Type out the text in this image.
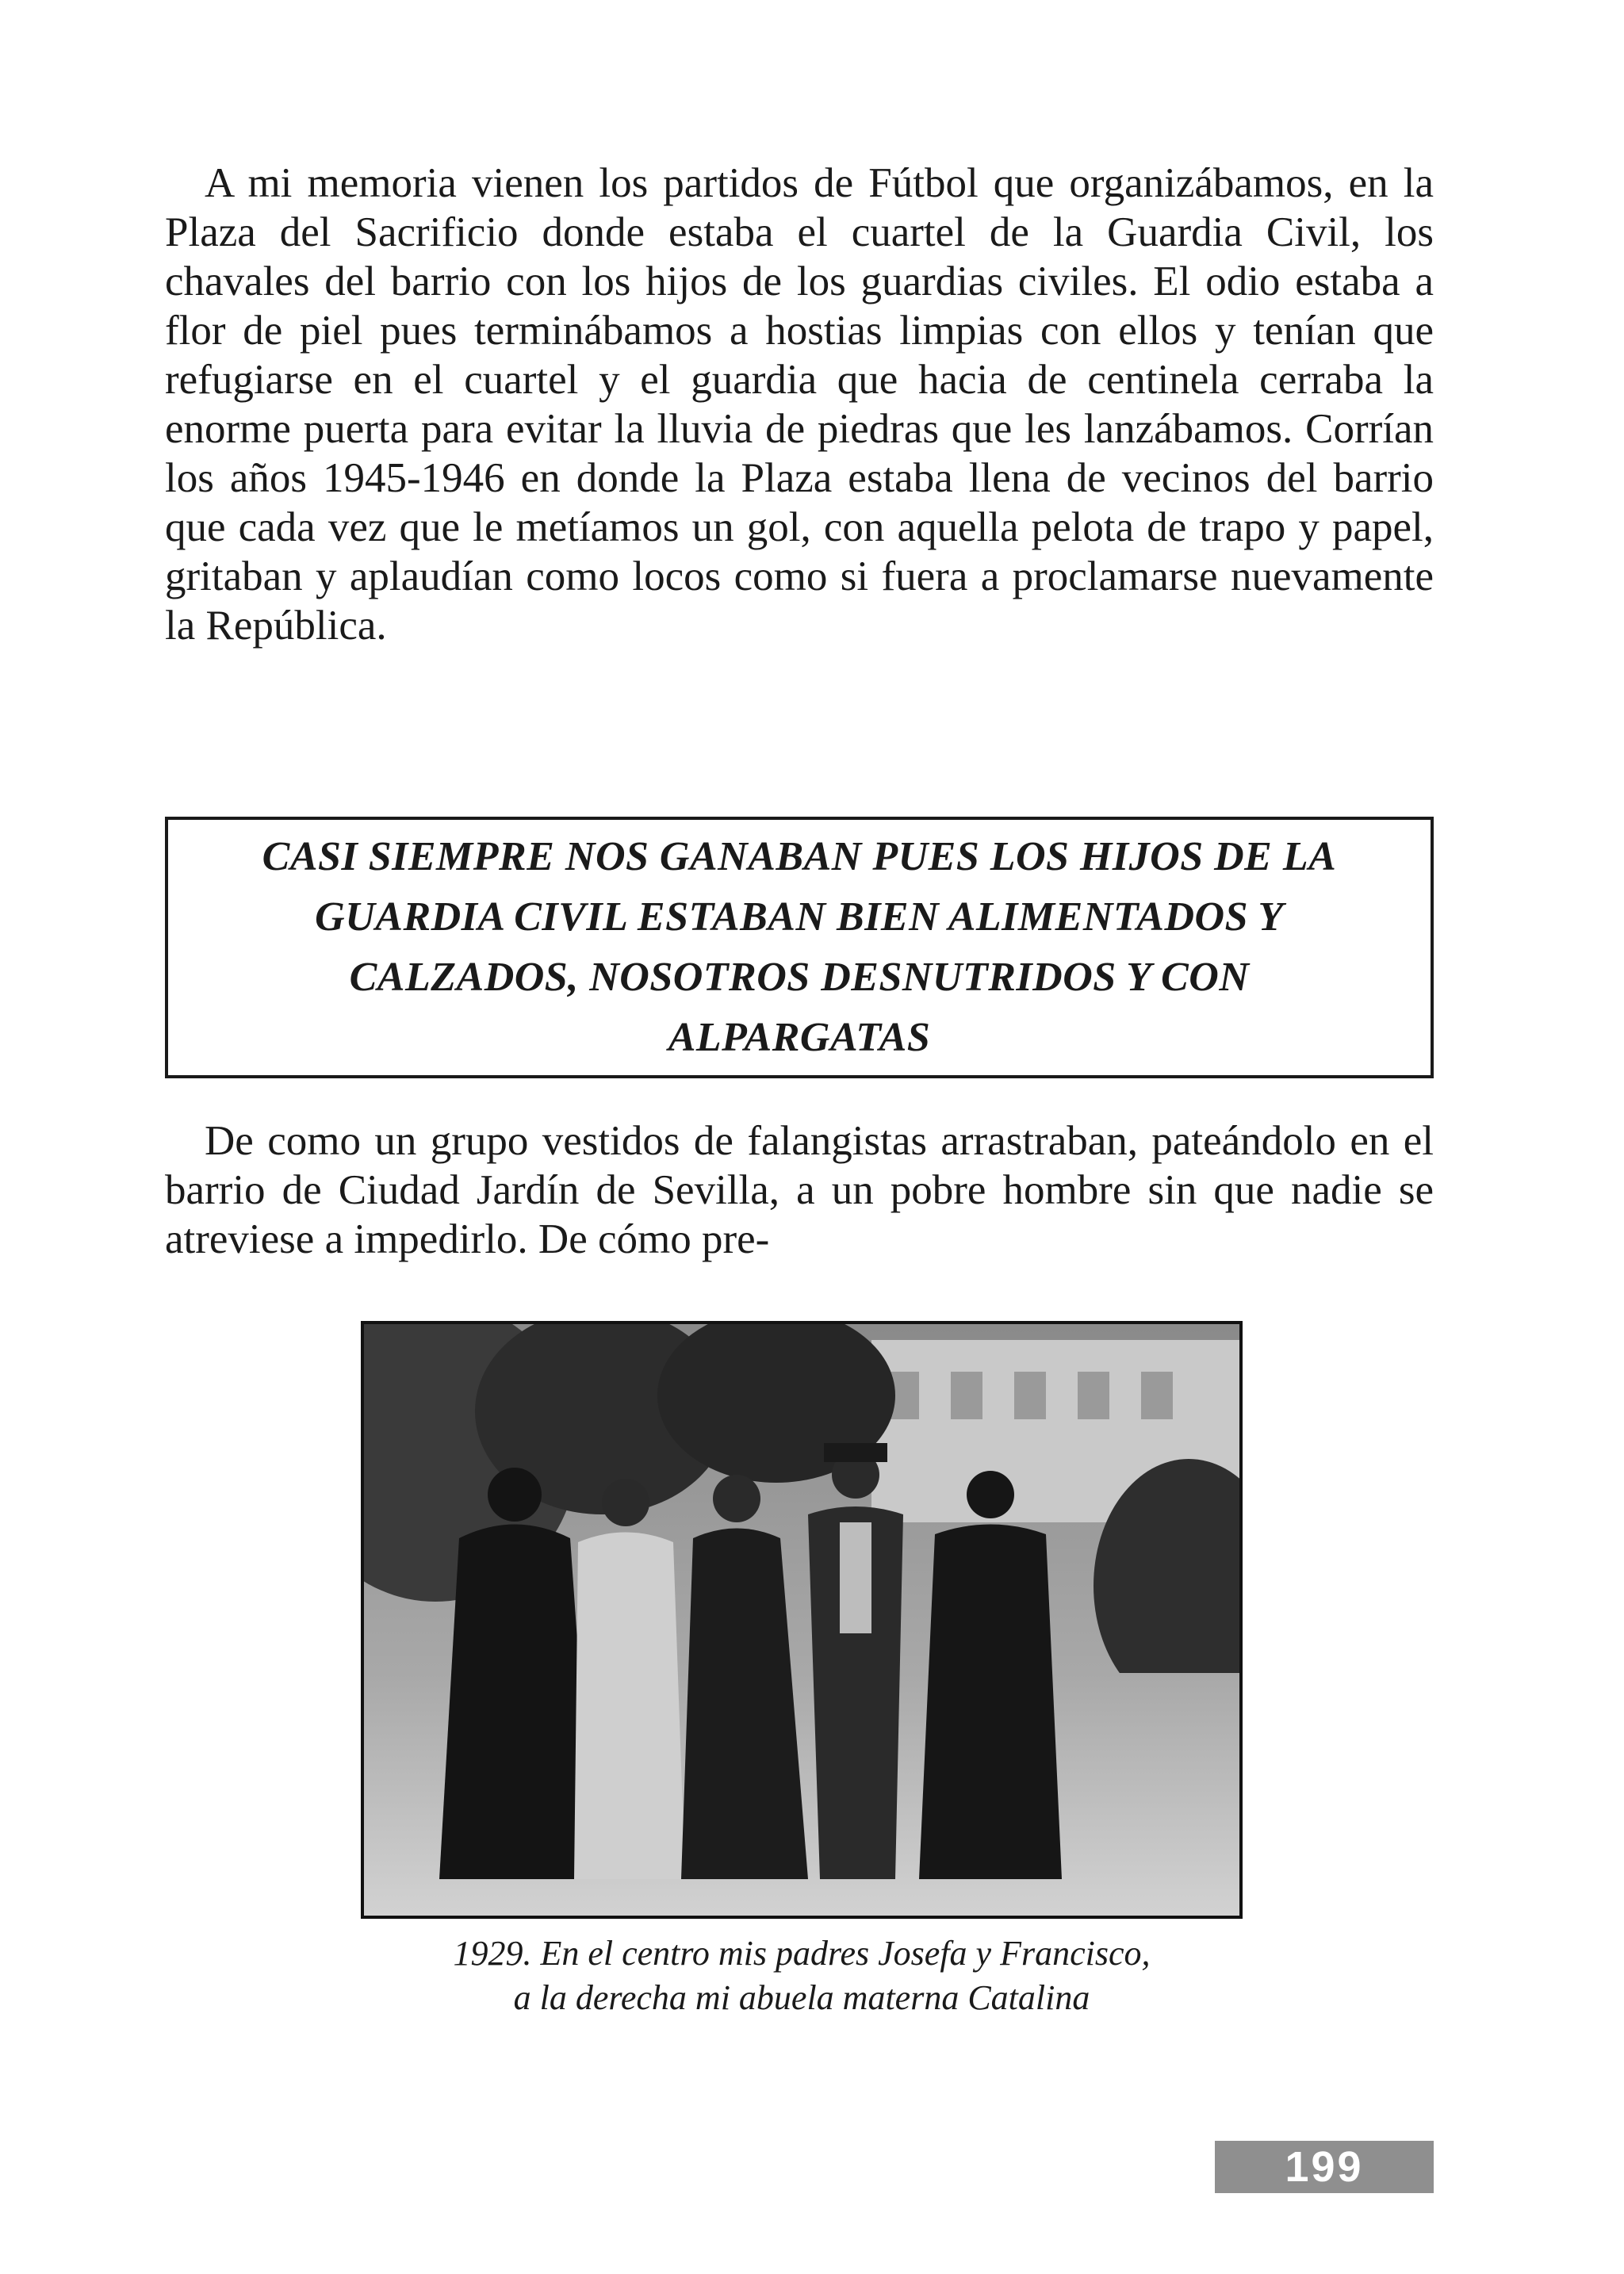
A mi memoria vienen los partidos de Fútbol que organizábamos, en la Plaza del Sacrificio donde estaba el cuartel de la Guardia Civil, los chavales del barrio con los hijos de los guardias civiles. El odio estaba a flor de piel pues terminábamos a hostias limpias con ellos y tenían que refugiarse en el cuartel y el guardia que hacia de centinela cerraba la enorme puerta para evitar la lluvia de piedras que les lanzábamos. Corrían los años 1945-1946 en donde la Plaza estaba llena de vecinos del barrio que cada vez que le metíamos un gol, con aquella pelota de trapo y papel, gritaban y aplaudían como locos como si fuera a proclamarse nuevamente la República.

CASI SIEMPRE NOS GANABAN PUES LOS HIJOS DE LA GUARDIA CIVIL ESTABAN BIEN ALIMENTADOS Y CALZADOS, NOSOTROS DESNUTRIDOS Y CON ALPARGATAS

De como un grupo vestidos de falangistas arrastraban, pateándolo en el barrio de Ciudad Jardín de Sevilla, a un pobre hombre sin que nadie se atreviese a impedirlo. De cómo pre-

1929. En el centro mis padres Josefa y Francisco,
a la derecha mi abuela materna Catalina

199
